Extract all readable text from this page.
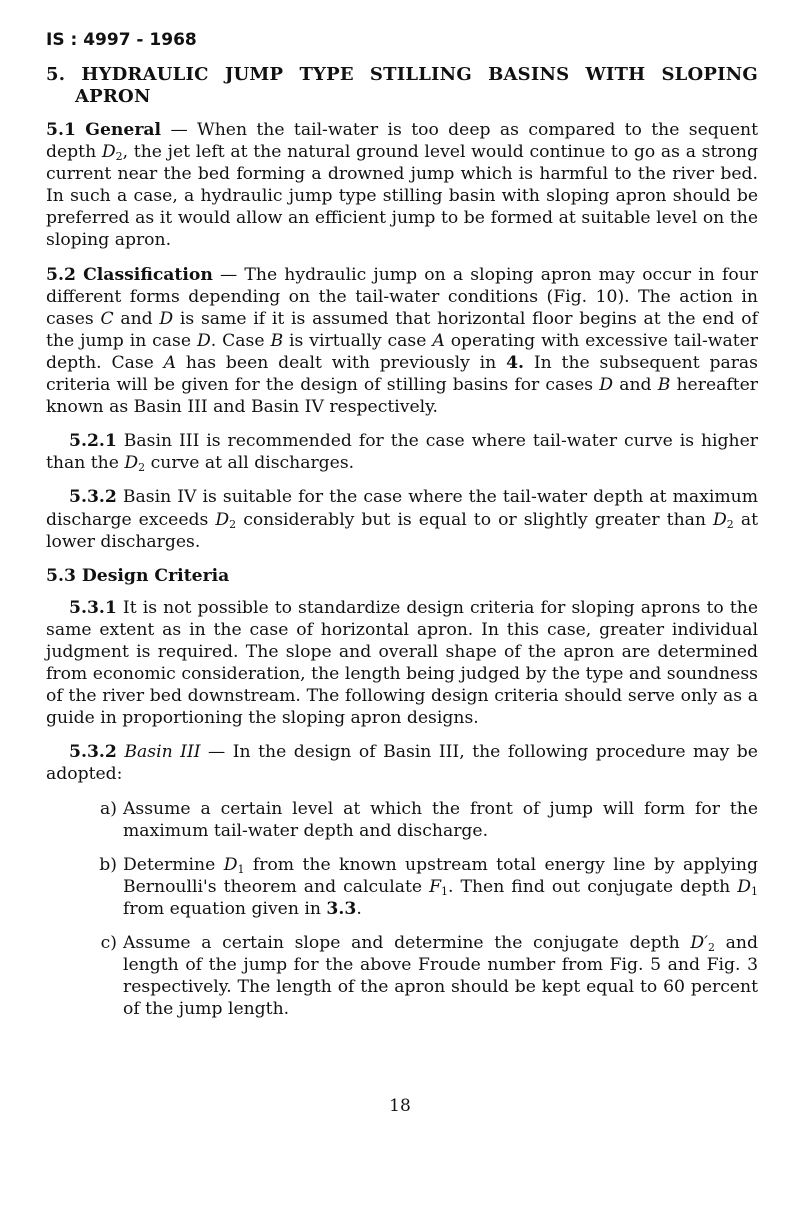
IS : 4997 - 1968
5. HYDRAULIC JUMP TYPE STILLING BASINS WITH SLOPING APRON

5.1 General — When the tail-water is too deep as compared to the sequent depth $D_2$, the jet left at the natural ground level would continue to go as a strong current near the bed forming a drowned jump which is harmful to the river bed. In such a case, a hydraulic jump type stilling basin with sloping apron should be preferred as it would allow an efficient jump to be formed at suitable level on the sloping apron.

5.2 Classification — The hydraulic jump on a sloping apron may occur in four different forms depending on the tail-water conditions (Fig. 10). The action in cases C and D is same if it is assumed that horizontal floor begins at the end of the jump in case D. Case B is virtually case A operating with excessive tail-water depth. Case A has been dealt with previously in 4. In the subsequent paras criteria will be given for the design of stilling basins for cases D and B hereafter known as Basin III and Basin IV respectively.

5.2.1 Basin III is recommended for the case where tail-water curve is higher than the $D_2$ curve at all discharges.

5.3.2 Basin IV is suitable for the case where the tail-water depth at maximum discharge exceeds $D_2$ considerably but is equal to or slightly greater than $D_2$ at lower discharges.

5.3 Design Criteria

5.3.1 It is not possible to standardize design criteria for sloping aprons to the same extent as in the case of horizontal apron. In this case, greater individual judgment is required. The slope and overall shape of the apron are determined from economic consideration, the length being judged by the type and soundness of the river bed downstream. The following design criteria should serve only as a guide in proportioning the sloping apron designs.

5.3.2 Basin III — In the design of Basin III, the following procedure may be adopted:

a) Assume a certain level at which the front of jump will form for the maximum tail-water depth and discharge.
b) Determine $D_1$ from the known upstream total energy line by applying Bernoulli's theorem and calculate $F_1$. Then find out conjugate depth $D_1$ from equation given in 3.3.
c) Assume a certain slope and determine the conjugate depth $D'_2$ and length of the jump for the above Froude number from Fig. 5 and Fig. 3 respectively. The length of the apron should be kept equal to 60 percent of the jump length.
18
